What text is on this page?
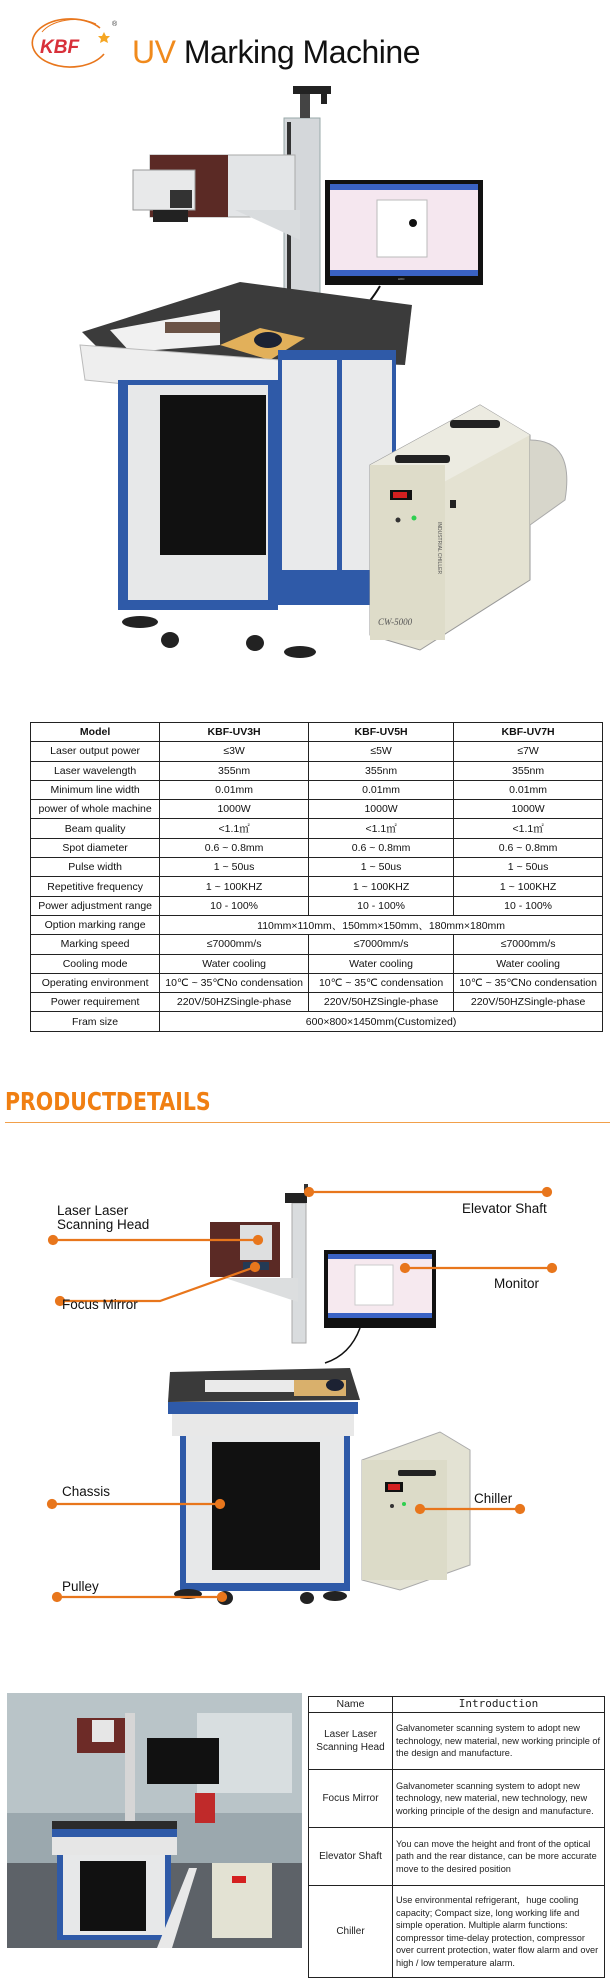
KBF
®
UV Marking Machine
AOC
CW-5000
INDUSTRIAL CHILLER
Model	KBF-UV3H	KBF-UV5H	KBF-UV7H
Laser output power	≤3W	≤5W	≤7W
Laser wavelength	355nm	355nm	355nm
Minimum line width	0.01mm	0.01mm	0.01mm
power of whole machine	1000W	1000W	1000W
Beam quality	<1.1㎡	<1.1㎡	<1.1㎡
Spot diameter	0.6 ~ 0.8mm	0.6 ~ 0.8mm	0.6 ~ 0.8mm
Pulse width	1 ~ 50us	1 ~ 50us	1 ~ 50us
Repetitive frequency	1 ~ 100KHZ	1 ~ 100KHZ	1 ~ 100KHZ
Power adjustment range	10 - 100%	10 - 100%	10 - 100%
Option marking range	110mm×110mm、150mm×150mm、180mm×180mm		
Marking speed	≤7000mm/s	≤7000mm/s	≤7000mm/s
Cooling mode	Water cooling	Water cooling	Water cooling
Operating environment	10℃ ~ 35℃No condensation	10℃ ~ 35℃ condensation	10℃ ~ 35℃No condensation
Power requirement	220V/50HZSingle-phase	220V/50HZSingle-phase	220V/50HZSingle-phase
Fram size	600×800×1450mm(Customized)		
PRODUCTDETAILS
Laser Laser
Scanning Head
Focus Mirror
Elevator Shaft
Monitor
Chassis	Chiller
Pulley
Name	Introduction
Laser Laser Scanning Head	Galvanometer scanning system to adopt new technology, new material, new working principle of the design and manufacture.
Focus Mirror	Galvanometer scanning system to adopt new technology, new material, new technology, new working principle of the design and manufacture.
Elevator Shaft	You can move the height and front of the optical path and the rear distance, can be more accurate move to the desired position
Chiller	Use environmental refrigerant，huge cooling capacity; Compact size, long working life and simple operation. Multiple alarm functions: compressor time-delay protection, compressor over current protection, water flow alarm and over high / low temperature alarm.
